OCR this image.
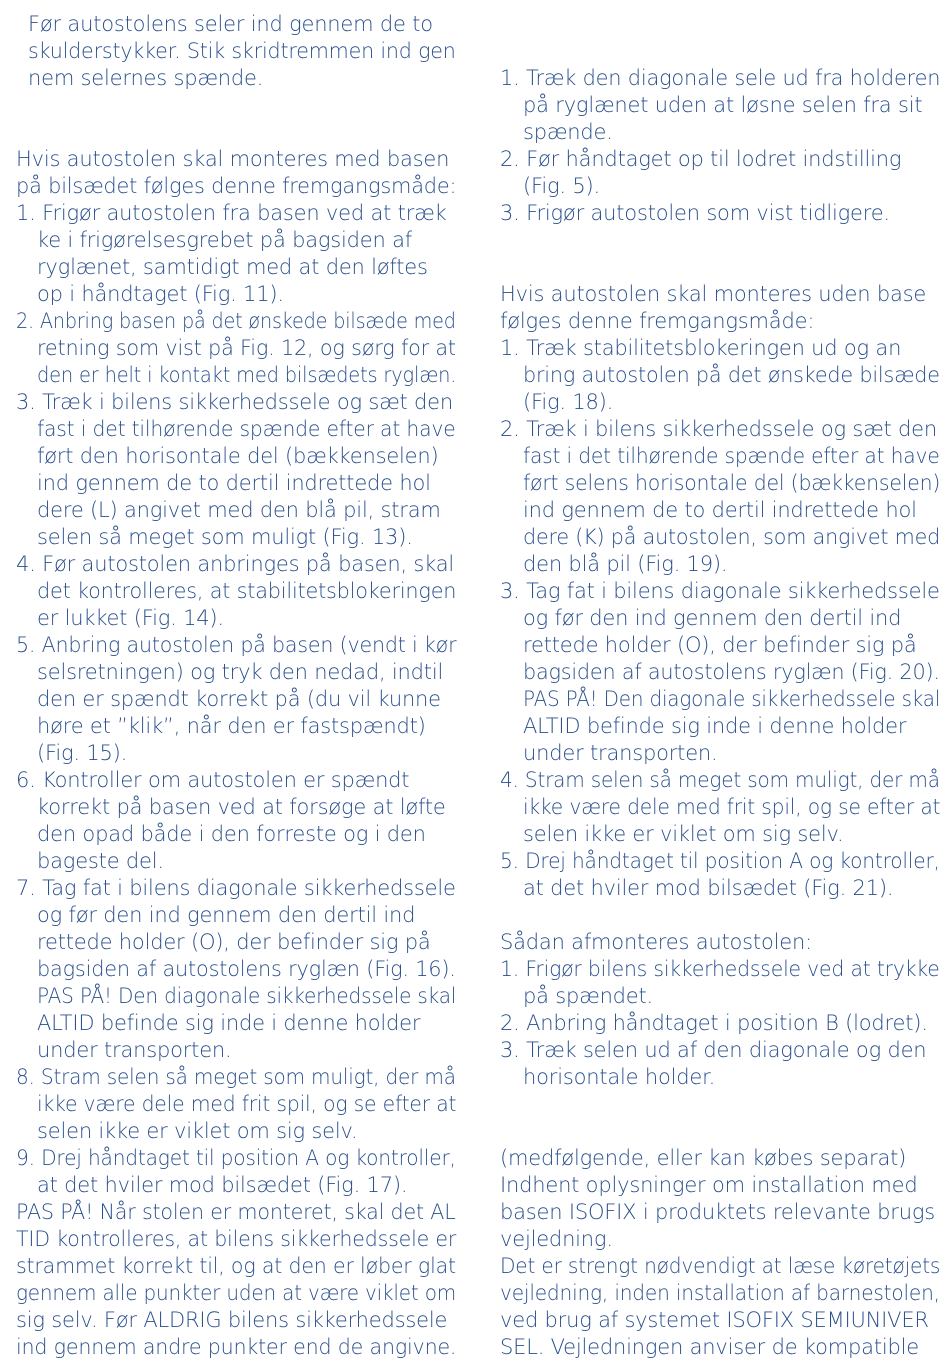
Før autostolens seler ind gennem de to
skulderstykker. Stik skridtremmen ind gen
nem selernes spænde.
Hvis autostolen skal monteres med basen
på bilsædet følges denne fremgangsmåde:
1. Frigør autostolen fra basen ved at træk
ke i frigørelsesgrebet på bagsiden af
ryglænet, samtidigt med at den løftes
op i håndtaget (Fig. 11).
2. Anbring basen på det ønskede bilsæde med
retning som vist på Fig. 12, og sørg for at
den er helt i kontakt med bilsædets ryglæn.
3. Træk i bilens sikkerhedssele og sæt den
fast i det tilhørende spænde efter at have
ført den horisontale del (bækkenselen)
ind gennem de to dertil indrettede hol
dere (L) angivet med den blå pil, stram
selen så meget som muligt (Fig. 13).
4. Før autostolen anbringes på basen, skal
det kontrolleres, at stabilitetsblokeringen
er lukket (Fig. 14).
5. Anbring autostolen på basen (vendt i kør
selsretningen) og tryk den nedad, indtil
den er spændt korrekt på (du vil kunne
høre et ”klik”, når den er fastspændt)
(Fig. 15).
6. Kontroller om autostolen er spændt
korrekt på basen ved at forsøge at løfte
den opad både i den forreste og i den
bageste del.
7. Tag fat i bilens diagonale sikkerhedssele
og før den ind gennem den dertil ind
rettede holder (O), der befinder sig på
bagsiden af autostolens ryglæn (Fig. 16).
PAS PÅ! Den diagonale sikkerhedssele skal
ALTID befinde sig inde i denne holder
under transporten.
8. Stram selen så meget som muligt, der må
ikke være dele med frit spil, og se efter at
selen ikke er viklet om sig selv.
9. Drej håndtaget til position A og kontroller,
at det hviler mod bilsædet (Fig. 17).
PAS PÅ! Når stolen er monteret, skal det AL
TID kontrolleres, at bilens sikkerhedssele er
strammet korrekt til, og at den er løber glat
gennem alle punkter uden at være viklet om
sig selv. Før ALDRIG bilens sikkerhedssele
ind gennem andre punkter end de angivne.
1. Træk den diagonale sele ud fra holderen
på ryglænet uden at løsne selen fra sit
spænde.
2. Før håndtaget op til lodret indstilling
(Fig. 5).
3. Frigør autostolen som vist tidligere.
Hvis autostolen skal monteres uden base
følges denne fremgangsmåde:
1. Træk stabilitetsblokeringen ud og an
bring autostolen på det ønskede bilsæde
(Fig. 18).
2. Træk i bilens sikkerhedssele og sæt den
fast i det tilhørende spænde efter at have
ført selens horisontale del (bækkenselen)
ind gennem de to dertil indrettede hol
dere (K) på autostolen, som angivet med
den blå pil (Fig. 19).
3. Tag fat i bilens diagonale sikkerhedssele
og før den ind gennem den dertil ind
rettede holder (O), der befinder sig på
bagsiden af autostolens ryglæn (Fig. 20).
PAS PÅ! Den diagonale sikkerhedssele skal
ALTID befinde sig inde i denne holder
under transporten.
4. Stram selen så meget som muligt, der må
ikke være dele med frit spil, og se efter at
selen ikke er viklet om sig selv.
5. Drej håndtaget til position A og kontroller,
at det hviler mod bilsædet (Fig. 21).
Sådan afmonteres autostolen:
1. Frigør bilens sikkerhedssele ved at trykke
på spændet.
2. Anbring håndtaget i position B (lodret).
3. Træk selen ud af den diagonale og den
horisontale holder.
(medfølgende, eller kan købes separat)
Indhent oplysninger om installation med
basen ISOFIX i produktets relevante brugs
vejledning.
Det er strengt nødvendigt at læse køretøjets
vejledning, inden installation af barnestolen,
ved brug af systemet ISOFIX SEMIUNIVER
SEL. Vejledningen anviser de kompatible
